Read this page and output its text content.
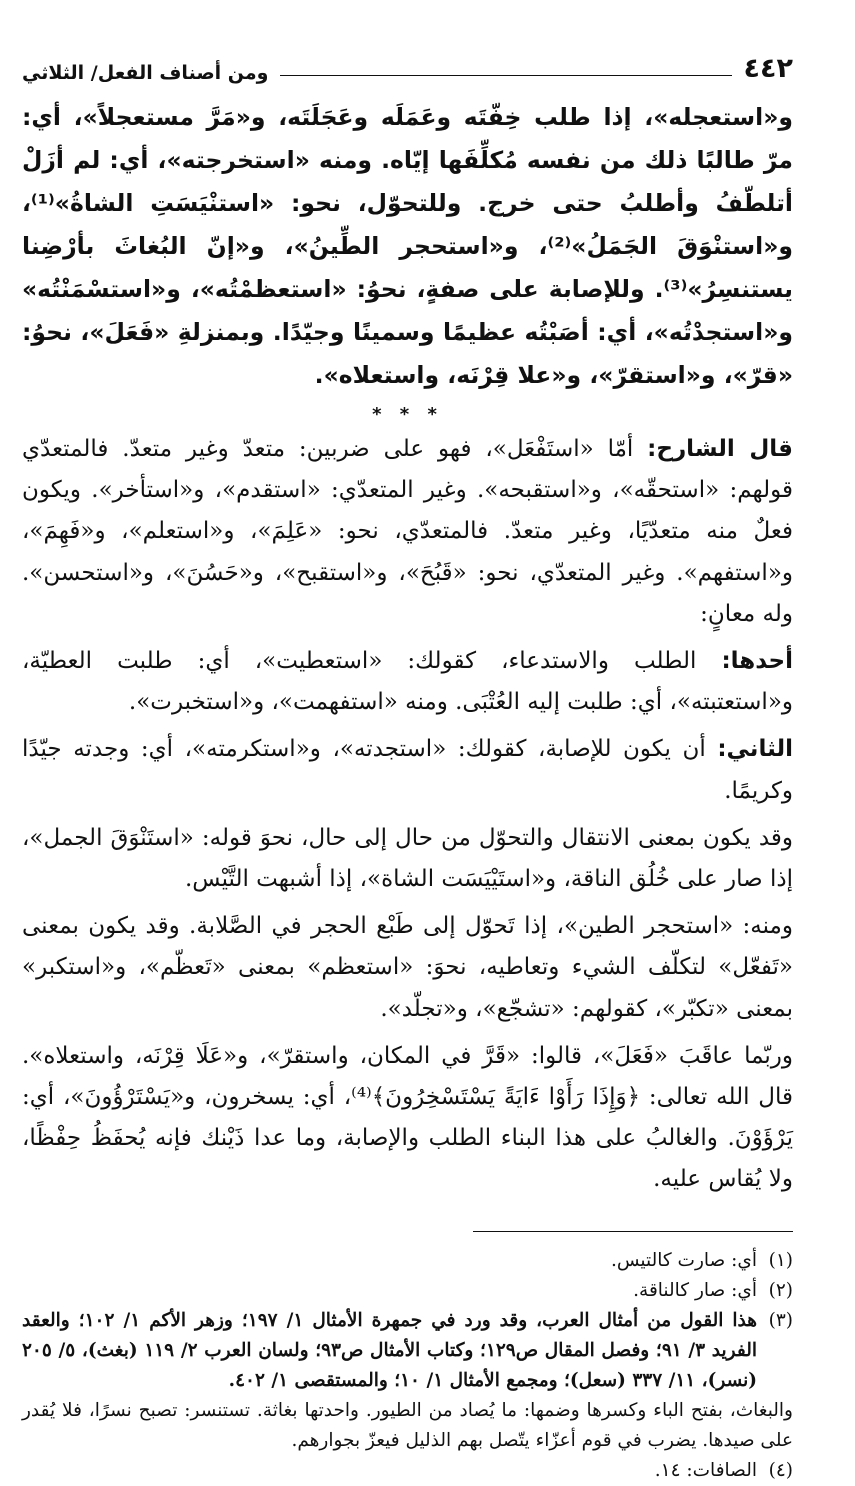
٤٤٢
ومن أصناف الفعل/ الثلاثي

و«استعجله»، إذا طلب خِفّتَه وعَمَلَه وعَجَلَتَه، و«مَرَّ مستعجلاً»، أي: مرّ طالبًا ذلك من نفسه مُكلِّفَها إيّاه. ومنه «استخرجته»، أي: لم أزَلْ أتلطّفُ وأطلبُ حتى خرج. وللتحوّل، نحو: «استنْيَسَتِ الشاةُ»⁽¹⁾، و«استنْوَقَ الجَمَلُ»⁽²⁾، و«استحجر الطِّينُ»، و«إنّ البُغاثَ بأرْضِنا يستنسِرُ»⁽³⁾. وللإصابة على صفةٍ، نحوُ: «استعظمْتُه»، و«استسْمَنْتُه» و«استجدْتُه»، أي: أصَبْتُه عظيمًا وسمينًا وجيّدًا. وبمنزلةِ «فَعَلَ»، نحوُ: «قرّ»، و«استقرّ»، و«علا قِرْنَه، واستعلاه».

* * *

قال الشارح: أمّا «استَفْعَل»، فهو على ضربين: متعدّ وغير متعدّ. فالمتعدّي قولهم: «استحقّه»، و«استقبحه». وغير المتعدّي: «استقدم»، و«استأخر». ويكون فعلٌ منه متعدّيًا، وغير متعدّ. فالمتعدّي، نحو: «عَلِمَ»، و«استعلم»، و«فَهِمَ»، و«استفهم». وغير المتعدّي، نحو: «قَبُحَ»، و«استقبح»، و«حَسُنَ»، و«استحسن». وله معانٍ:

أحدها: الطلب والاستدعاء، كقولك: «استعطيت»، أي: طلبت العطيّة، و«استعتبته»، أي: طلبت إليه العُتْبَى. ومنه «استفهمت»، و«استخبرت».

الثاني: أن يكون للإصابة، كقولك: «استجدته»، و«استكرمته»، أي: وجدته جيّدًا وكريمًا.

وقد يكون بمعنى الانتقال والتحوّل من حال إلى حال، نحوَ قوله: «استَنْوَقَ الجمل»، إذا صار على خُلُق الناقة، و«استَيْيَسَت الشاة»، إذا أشبهت التَّيْس.

ومنه: «استحجر الطين»، إذا تَحوّل إلى طَبْع الحجر في الصَّلابة. وقد يكون بمعنى «تَفعّل» لتكلّف الشيء وتعاطيه، نحوَ: «استعظم» بمعنى «تَعظّم»، و«استكبر» بمعنى «تكبّر»، كقولهم: «تشجّع»، و«تجلّد».

وربّما عاقَبَ «فَعَلَ»، قالوا: «قَرَّ في المكان، واستقرّ»، و«عَلَا قِرْنَه، واستعلاه». قال الله تعالى: ﴿وَإِذَا رَأَوْا ءَايَةً يَسْتَسْخِرُونَ﴾⁽⁴⁾، أي: يسخرون، و«يَسْتَرْؤُونَ»، أي: يَرْؤَوْنَ. والغالبُ على هذا البناء الطلب والإصابة، وما عدا ذَيْنك فإنه يُحفَظُ حِفْظًا، ولا يُقاس عليه.

(١)
أي: صارت كالتيس.
(٢)
أي: صار كالناقة.
(٣)
هذا القول من أمثال العرب، وقد ورد في جمهرة الأمثال ١/ ١٩٧؛ وزهر الأكم ١/ ١٠٢؛ والعقد الفريد ٣/ ٩١؛ وفصل المقال ص١٢٩؛ وكتاب الأمثال ص٩٣؛ ولسان العرب ٢/ ١١٩ (بغث)، ٥/ ٢٠٥ (نسر)، ١١/ ٣٣٧ (سعل)؛ ومجمع الأمثال ١/ ١٠؛ والمستقصى ١/ ٤٠٢.
والبغاث، بفتح الباء وكسرها وضمها: ما يُصاد من الطيور. واحدتها بغاثة. تستنسر: تصبح نسرًا، فلا يُقدر على صيدها. يضرب في قوم أعزّاء يتّصل بهم الذليل فيعزّ بجوارهم.
(٤)
الصافات: ١٤.
